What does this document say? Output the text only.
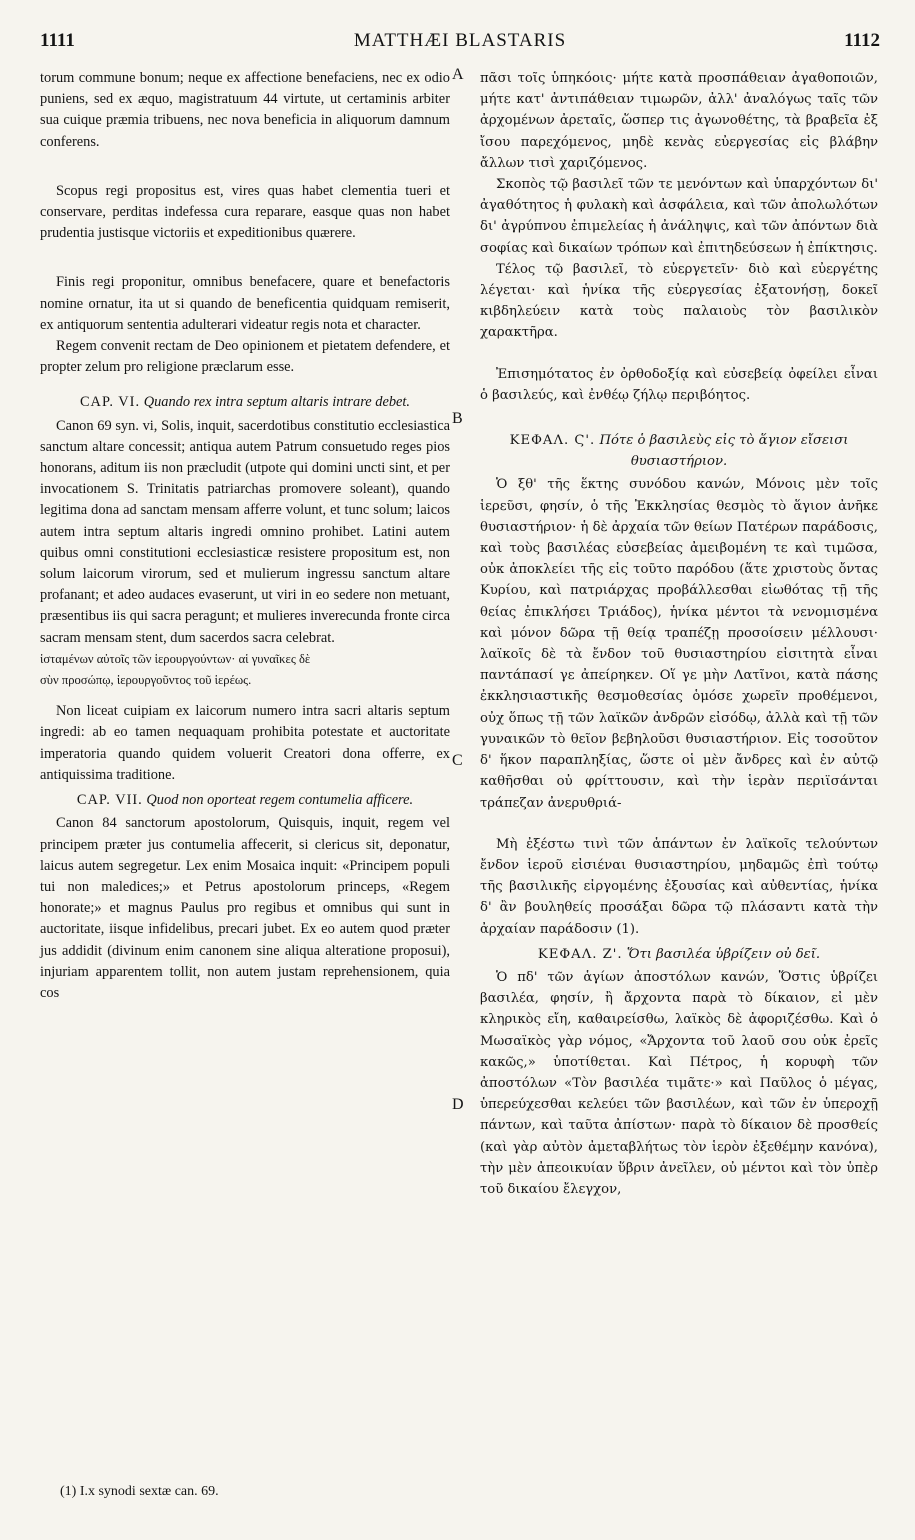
1111	MATTHÆI BLASTARIS	1112
A
B
C
D

torum commune bonum; neque ex affectione benefaciens, nec ex odio puniens, sed ex æquo, magistratuum 44 virtute, ut certaminis arbiter sua cuique præmia tribuens, nec nova beneficia in aliquorum damnum conferens.

Scopus regi propositus est, vires quas habet clementia tueri et conservare, perditas indefessa cura reparare, easque quas non habet prudentia justisque victoriis et expeditionibus quærere.

Finis regi proponitur, omnibus benefacere, quare et benefactoris nomine ornatur, ita ut si quando de beneficentia quidquam remiserit, ex antiquorum sententia adulterari videatur regis nota et character.

Regem convenit rectam de Deo opinionem et pietatem defendere, et propter zelum pro religione præclarum esse.

CAP. VI. Quando rex intra septum altaris intrare debet.

Canon 69 syn. vi, Solis, inquit, sacerdotibus constitutio ecclesiastica sanctum altare concessit; antiqua autem Patrum consuetudo reges pios honorans, aditum iis non præcludit (utpote qui domini uncti sint, et per invocationem S. Trinitatis patriarchas promovere soleant), quando legitima dona ad sanctam mensam afferre volunt, et tunc solum; laicos autem intra septum altaris ingredi omnino prohibet. Latini autem quibus omni constitutioni ecclesiasticæ resistere propositum est, non solum laicorum virorum, sed et mulierum ingressu sanctum altare profanant; et adeo audaces evaserunt, ut viri in eo sedere non metuant, præsentibus iis qui sacra peragunt; et mulieres inverecunda fronte circa sacram mensam stent, dum sacerdos sacra celebrat.

ἱσταμένων αὐτοῖς τῶν ἱερουργούντων· αἱ γυναῖκες δὲ

σὺν προσώπῳ, ἱερουργοῦντος τοῦ ἱερέως.

Non liceat cuipiam ex laicorum numero intra sacri altaris septum ingredi: ab eo tamen nequaquam prohibita potestate et auctoritate imperatoria quando quidem voluerit Creatori dona offerre, ex antiquissima traditione.

CAP. VII. Quod non oporteat regem contumelia afficere.

Canon 84 sanctorum apostolorum, Quisquis, inquit, regem vel principem præter jus contumelia affecerit, si clericus sit, deponatur, laicus autem segregetur. Lex enim Mosaica inquit: «Principem populi tui non maledices;» et Petrus apostolorum princeps, «Regem honorate;» et magnus Paulus pro regibus et omnibus qui sunt in auctoritate, iisque infidelibus, precari jubet. Ex eo autem quod præter jus addidit (divinum enim canonem sine aliqua alteratione proposui), injuriam apparentem tollit, non autem justam reprehensionem, quia cos

πᾶσι τοῖς ὑπηκόοις· μήτε κατὰ προσπάθειαν ἀγαθοποιῶν, μήτε κατ' ἀντιπάθειαν τιμωρῶν, ἀλλ' ἀναλόγως ταῖς τῶν ἀρχομένων ἀρεταῖς, ὥσπερ τις ἀγωνοθέτης, τὰ βραβεῖα ἐξ ἴσου παρεχόμενος, μηδὲ κενὰς εὐεργεσίας εἰς βλάβην ἄλλων τισὶ χαριζόμενος.

Σκοπὸς τῷ βασιλεῖ τῶν τε μενόντων καὶ ὑπαρχόντων δι' ἀγαθότητος ἡ φυλακὴ καὶ ἀσφάλεια, καὶ τῶν ἀπολωλότων δι' ἀγρύπνου ἐπιμελείας ἡ ἀνάληψις, καὶ τῶν ἀπόντων διὰ σοφίας καὶ δικαίων τρόπων καὶ ἐπιτηδεύσεων ἡ ἐπίκτησις.

Τέλος τῷ βασιλεῖ, τὸ εὐεργετεῖν· διὸ καὶ εὐεργέτης λέγεται· καὶ ἡνίκα τῆς εὐεργεσίας ἐξατονήσῃ, δοκεῖ κιβδηλεύειν κατὰ τοὺς παλαιοὺς τὸν βασιλικὸν χαρακτῆρα.

Ἐπισημότατος ἐν ὀρθοδοξίᾳ καὶ εὐσεβείᾳ ὀφείλει εἶναι ὁ βασιλεύς, καὶ ἐνθέῳ ζήλῳ περιβόητος.

ΚΕΦΑΛ. Ϛ'. Πότε ὁ βασιλεὺς εἰς τὸ ἅγιον εἴσεισι θυσιαστήριον.

Ὁ ξθ' τῆς ἕκτης συνόδου κανών, Μόνοις μὲν τοῖς ἱερεῦσι, φησίν, ὁ τῆς Ἐκκλησίας θεσμὸς τὸ ἅγιον ἀνῆκε θυσιαστήριον· ἡ δὲ ἀρχαία τῶν θείων Πατέρων παράδοσις, καὶ τοὺς βασιλέας εὐσεβείας ἀμειβομένη τε καὶ τιμῶσα, οὐκ ἀποκλείει τῆς εἰς τοῦτο παρόδου (ἅτε χριστοὺς ὄντας Κυρίου, καὶ πατριάρχας προβάλλεσθαι εἰωθότας τῇ τῆς θείας ἐπικλήσει Τριάδος), ἡνίκα μέντοι τὰ νενομισμένα καὶ μόνον δῶρα τῇ θείᾳ τραπέζῃ προσοίσειν μέλλουσι· λαϊκοῖς δὲ τὰ ἔνδον τοῦ θυσιαστηρίου εἰσιτητὰ εἶναι παντάπασί γε ἀπείρηκεν. Οἵ γε μὴν Λατῖνοι, κατὰ πάσης ἐκκλησιαστικῆς θεσμοθεσίας ὁμόσε χωρεῖν προθέμενοι, οὐχ ὅπως τῇ τῶν λαϊκῶν ἀνδρῶν εἰσόδῳ, ἀλλὰ καὶ τῇ τῶν γυναικῶν τὸ θεῖον βεβηλοῦσι θυσιαστήριον. Εἰς τοσοῦτον δ' ἥκον παραπληξίας, ὥστε οἱ μὲν ἄνδρες καὶ ἐν αὐτῷ καθῆσθαι οὐ φρίττουσιν, καὶ τὴν ἱερὰν περιϊσάνται τράπεζαν ἀνερυθριά-

Μὴ ἐξέστω τινὶ τῶν ἁπάντων ἐν λαϊκοῖς τελούντων ἔνδον ἱεροῦ εἰσιέναι θυσιαστηρίου, μηδαμῶς ἐπὶ τούτῳ τῆς βασιλικῆς εἰργομένης ἐξουσίας καὶ αὐθεντίας, ἡνίκα δ' ἂν βουληθείς προσάξαι δῶρα τῷ πλάσαντι κατὰ τὴν ἀρχαίαν παράδοσιν (1).

ΚΕΦΑΛ. Ζ'. Ὅτι βασιλέα ὑβρίζειν οὐ δεῖ.

Ὁ πδ' τῶν ἁγίων ἀποστόλων κανών, Ὅστις ὑβρίζει βασιλέα, φησίν, ἢ ἄρχοντα παρὰ τὸ δίκαιον, εἰ μὲν κληρικὸς εἴη, καθαιρείσθω, λαϊκὸς δὲ ἀφοριζέσθω. Καὶ ὁ Μωσαϊκὸς γὰρ νόμος, «Ἄρχοντα τοῦ λαοῦ σου οὐκ ἐρεῖς κακῶς,» ὑποτίθεται. Καὶ Πέτρος, ἡ κορυφὴ τῶν ἀποστόλων «Τὸν βασιλέα τιμᾶτε·» καὶ Παῦλος ὁ μέγας, ὑπερεύχεσθαι κελεύει τῶν βασιλέων, καὶ τῶν ἐν ὑπεροχῇ πάντων, καὶ ταῦτα ἀπίστων· παρὰ τὸ δίκαιον δὲ προσθείς (καὶ γὰρ αὐτὸν ἀμεταβλήτως τὸν ἱερὸν ἐξεθέμην κανόνα), τὴν μὲν ἀπεοικυίαν ὕβριν ἀνεῖλεν, οὐ μέντοι καὶ τὸν ὑπὲρ τοῦ δικαίου ἔλεγχον,

(1) I.x synodi sextæ can. 69.
